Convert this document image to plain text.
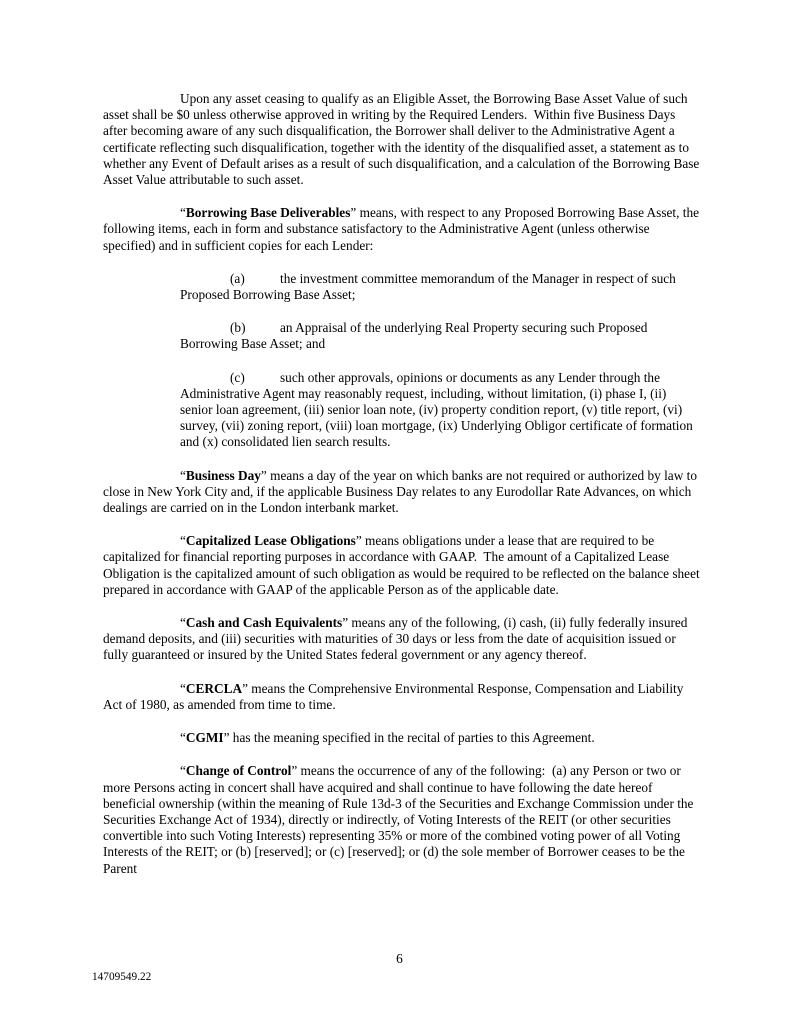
Upon any asset ceasing to qualify as an Eligible Asset, the Borrowing Base Asset Value of such asset shall be $0 unless otherwise approved in writing by the Required Lenders.  Within five Business Days after becoming aware of any such disqualification, the Borrower shall deliver to the Administrative Agent a certificate reflecting such disqualification, together with the identity of the disqualified asset, a statement as to whether any Event of Default arises as a result of such disqualification, and a calculation of the Borrowing Base Asset Value attributable to such asset.

“Borrowing Base Deliverables” means, with respect to any Proposed Borrowing Base Asset, the following items, each in form and substance satisfactory to the Administrative Agent (unless otherwise specified) and in sufficient copies for each Lender:

(a)	the investment committee memorandum of the Manager in respect of such Proposed Borrowing Base Asset;

(b)	an Appraisal of the underlying Real Property securing such Proposed Borrowing Base Asset; and

(c)	such other approvals, opinions or documents as any Lender through the Administrative Agent may reasonably request, including, without limitation, (i) phase I, (ii) senior loan agreement, (iii) senior loan note, (iv) property condition report, (v) title report, (vi) survey, (vii) zoning report, (viii) loan mortgage, (ix) Underlying Obligor certificate of formation and (x) consolidated lien search results.

“Business Day” means a day of the year on which banks are not required or authorized by law to close in New York City and, if the applicable Business Day relates to any Eurodollar Rate Advances, on which dealings are carried on in the London interbank market.

“Capitalized Lease Obligations” means obligations under a lease that are required to be capitalized for financial reporting purposes in accordance with GAAP.  The amount of a Capitalized Lease Obligation is the capitalized amount of such obligation as would be required to be reflected on the balance sheet prepared in accordance with GAAP of the applicable Person as of the applicable date.

“Cash and Cash Equivalents” means any of the following, (i) cash, (ii) fully federally insured demand deposits, and (iii) securities with maturities of 30 days or less from the date of acquisition issued or fully guaranteed or insured by the United States federal government or any agency thereof.

“CERCLA” means the Comprehensive Environmental Response, Compensation and Liability Act of 1980, as amended from time to time.

“CGMI” has the meaning specified in the recital of parties to this Agreement.

“Change of Control” means the occurrence of any of the following:  (a) any Person or two or more Persons acting in concert shall have acquired and shall continue to have following the date hereof beneficial ownership (within the meaning of Rule 13d-3 of the Securities and Exchange Commission under the Securities Exchange Act of 1934), directly or indirectly, of Voting Interests of the REIT (or other securities convertible into such Voting Interests) representing 35% or more of the combined voting power of all Voting Interests of the REIT; or (b) [reserved]; or (c) [reserved]; or (d) the sole member of Borrower ceases to be the Parent

6
14709549.22
